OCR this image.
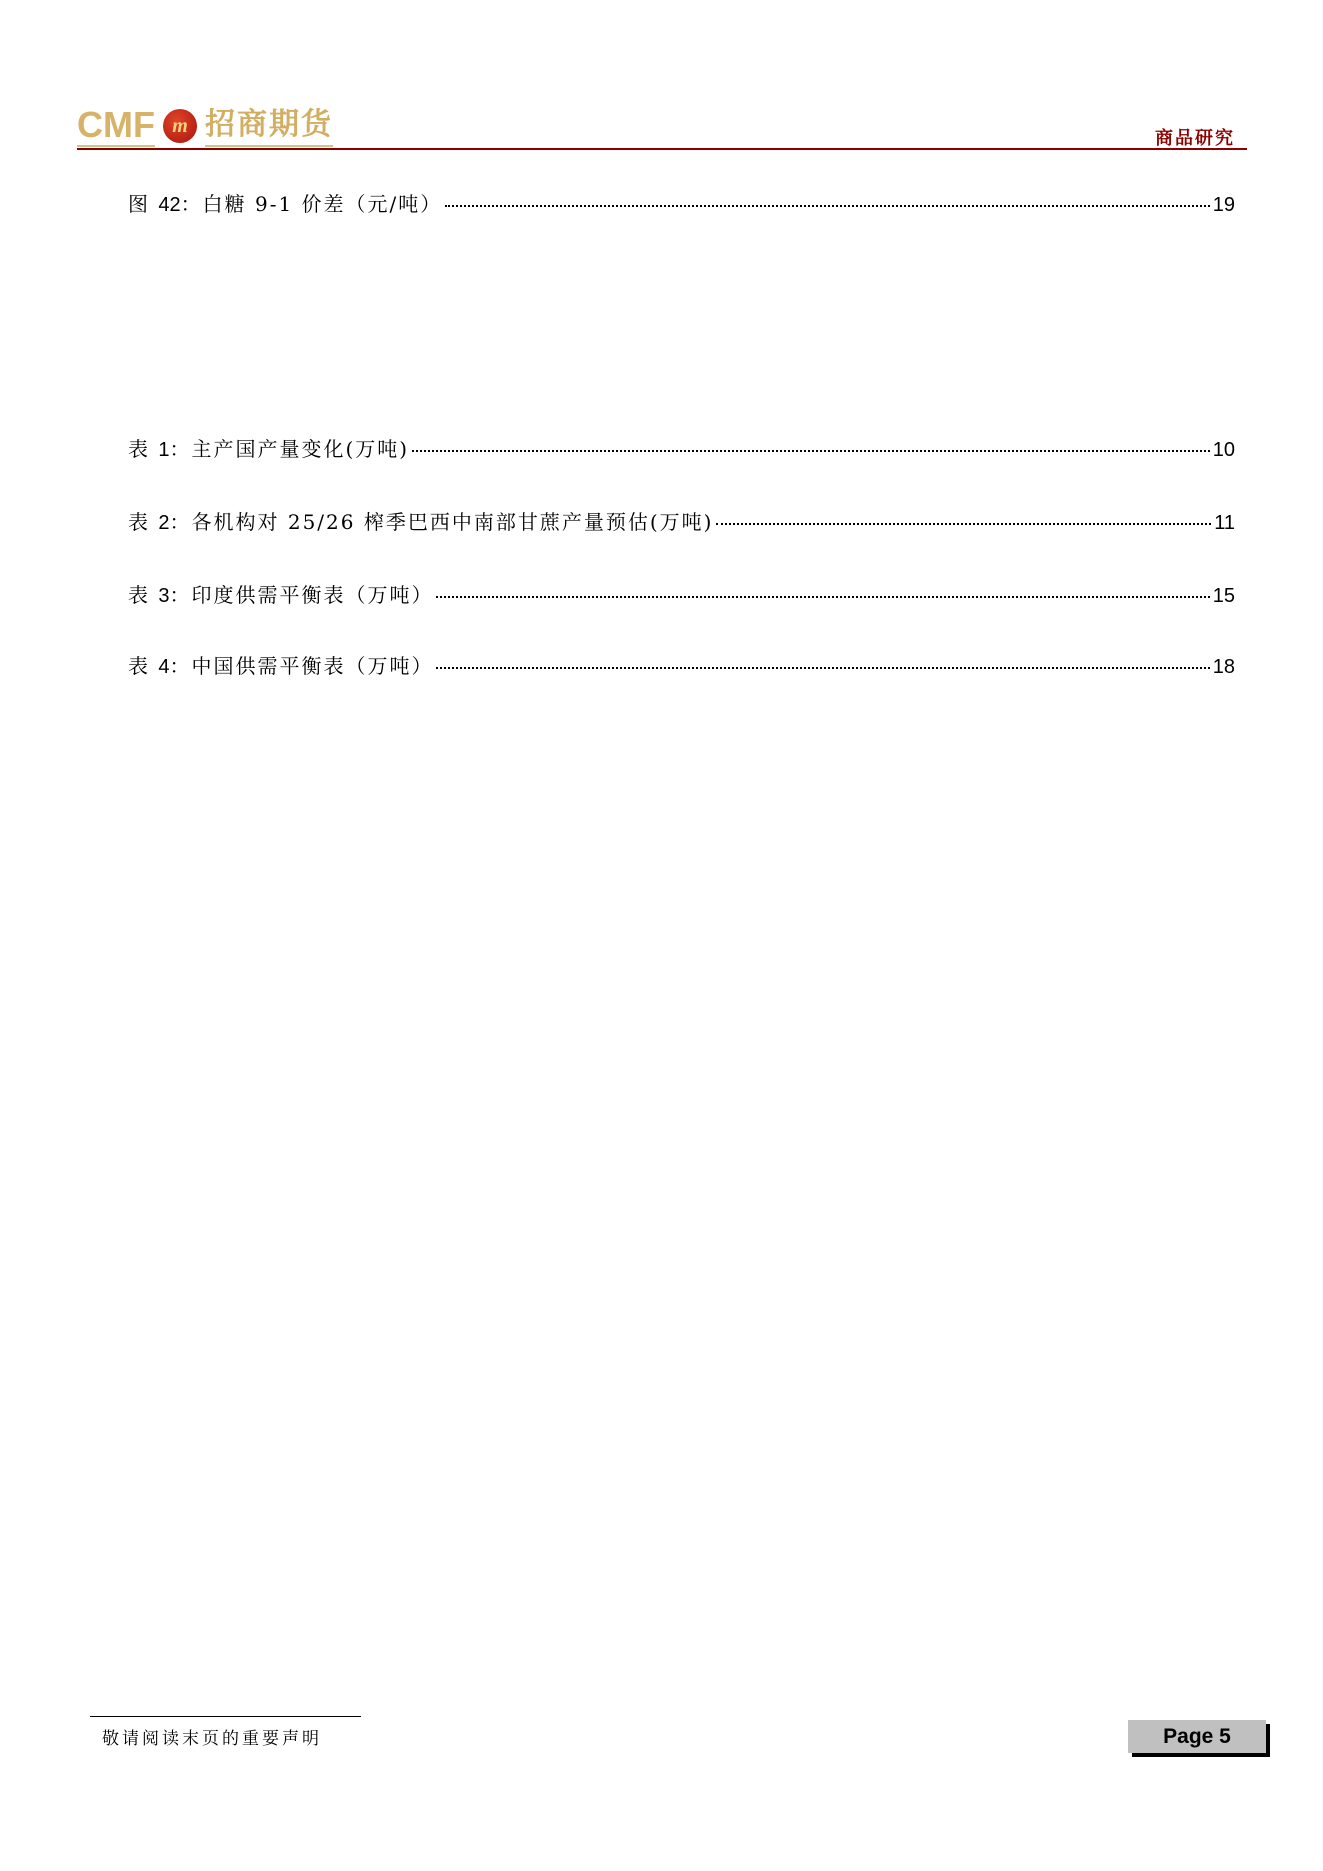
CMF m 招商期货	商品研究
图 42：白糖 9-1 价差（元/吨）	19
表 1：主产国产量变化(万吨)	10
表 2：各机构对 25/26 榨季巴西中南部甘蔗产量预估(万吨)	11
表 3：印度供需平衡表（万吨）	15
表 4：中国供需平衡表（万吨）	18
敬请阅读末页的重要声明	Page 5
